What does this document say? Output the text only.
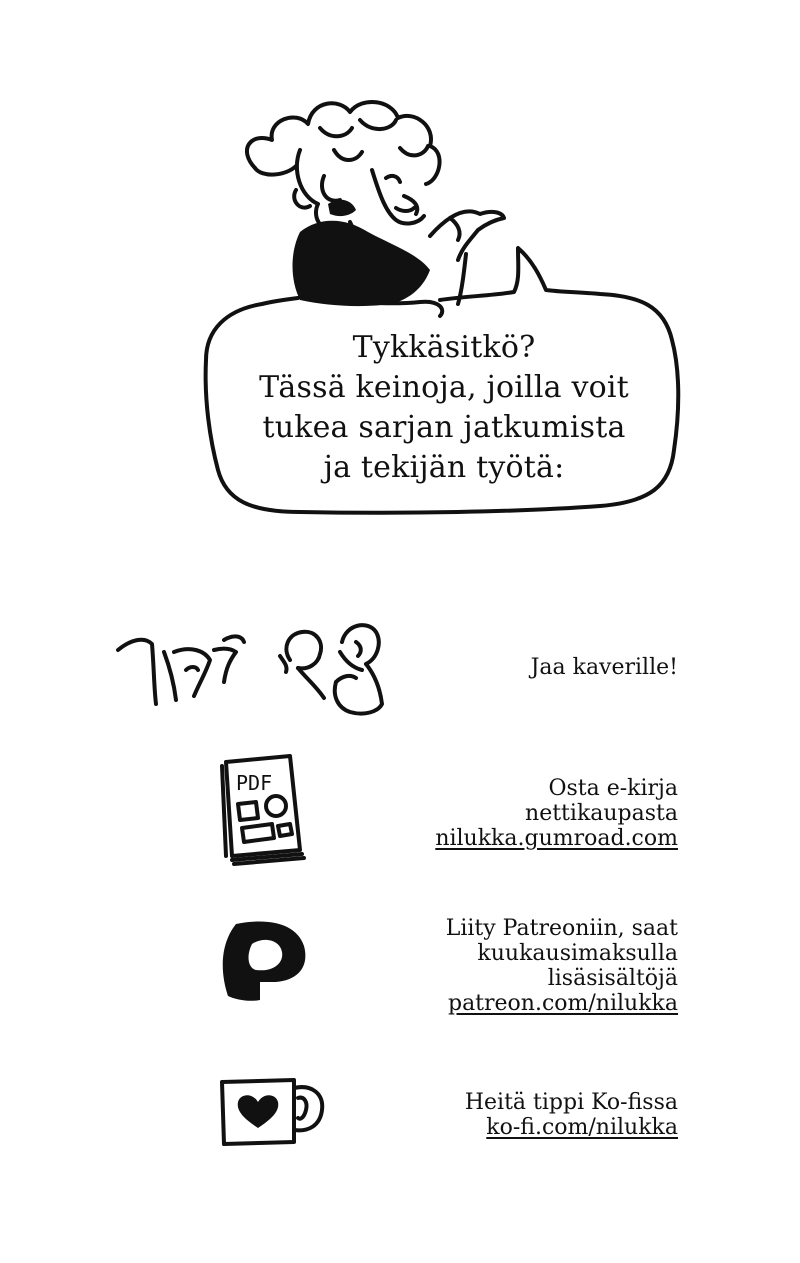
Tykkäsitkö?
Tässä keinoja, joilla voit
tukea sarjan jatkumista
ja tekijän työtä:
Jaa kaverille!
PDF	Osta e-kirja
nettikaupasta
nilukka.gumroad.com
Liity Patreoniin, saat
kuukausimaksulla
lisäsisältöjä
patreon.com/nilukka
Heitä tippi Ko-fissa
ko-fi.com/nilukka
